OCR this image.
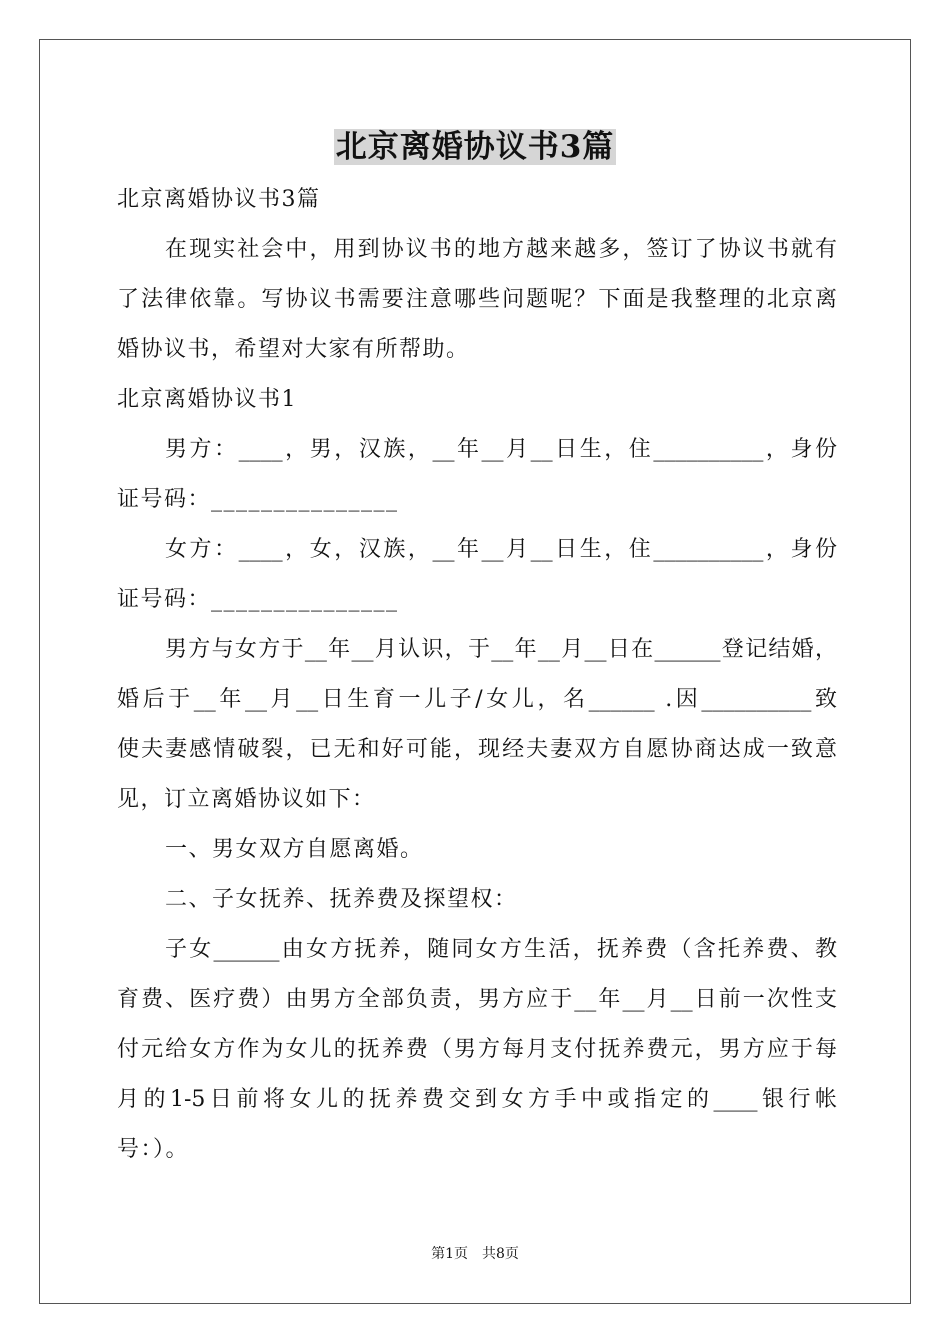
北京离婚协议书3篇
北京离婚协议书3篇
在现实社会中，用到协议书的地方越来越多，签订了协议书就有
了法律依靠。写协议书需要注意哪些问题呢？下面是我整理的北京离
婚协议书，希望对大家有所帮助。
北京离婚协议书1
男方：____，男，汉族，__年__月__日生，住__________，身份
证号码：_______________
女方：____，女，汉族，__年__月__日生，住__________，身份
证号码：_______________
男方与女方于__年__月认识，于__年__月__日在______登记结婚，
婚后于__年__月__日生育一儿子/女儿，名______ .因__________致
使夫妻感情破裂，已无和好可能，现经夫妻双方自愿协商达成一致意
见，订立离婚协议如下：
一、男女双方自愿离婚。
二、子女抚养、抚养费及探望权：
子女______由女方抚养，随同女方生活，抚养费（含托养费、教
育费、医疗费）由男方全部负责，男方应于__年__月__日前一次性支
付元给女方作为女儿的抚养费（男方每月支付抚养费元，男方应于每
月的1-5日前将女儿的抚养费交到女方手中或指定的____银行帐
号：）。
第1页　共8页
